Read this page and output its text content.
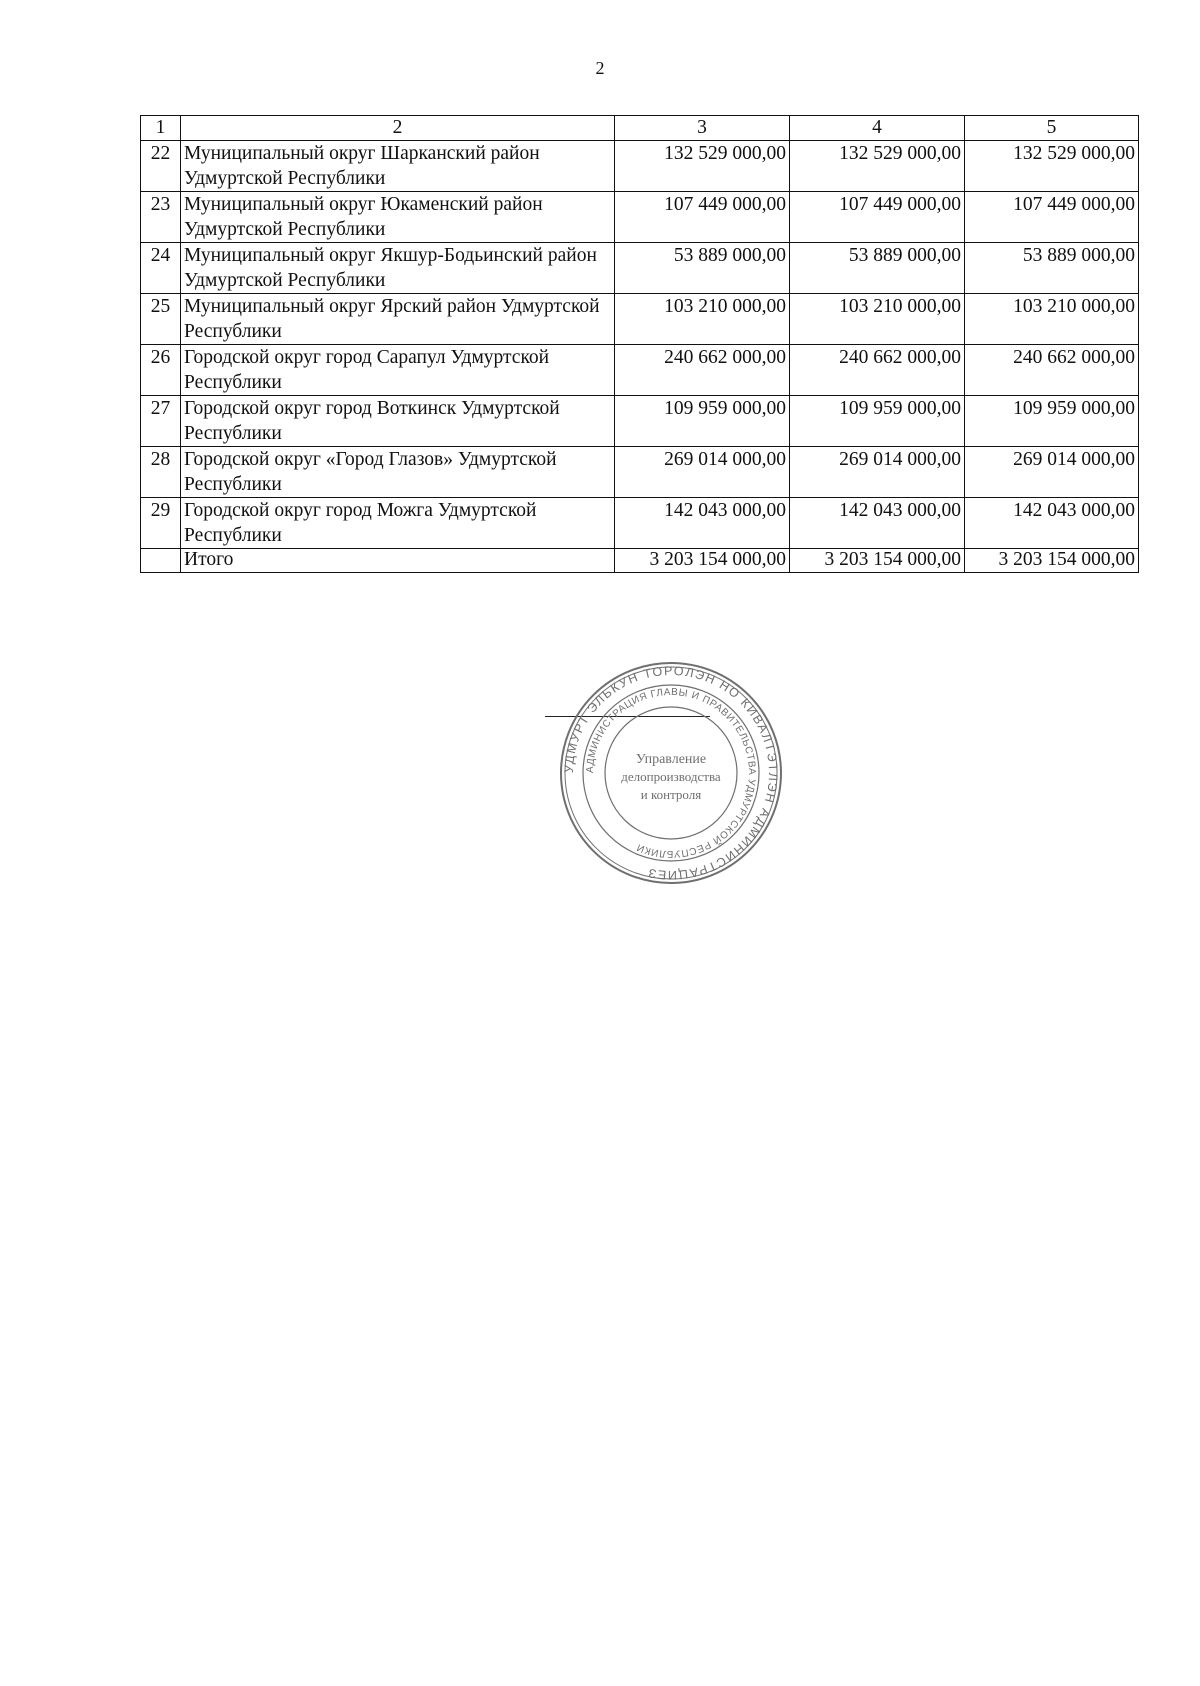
2
1	2	3	4	5
22	Муниципальный округ Шарканский район Удмуртской Республики	132 529 000,00	132 529 000,00	132 529 000,00
23	Муниципальный округ Юкаменский район Удмуртской Республики	107 449 000,00	107 449 000,00	107 449 000,00
24	Муниципальный округ Якшур-Бодьинский район Удмуртской Республики	53 889 000,00	53 889 000,00	53 889 000,00
25	Муниципальный округ Ярский район Удмуртской Республики	103 210 000,00	103 210 000,00	103 210 000,00
26	Городской округ город Сарапул Удмуртской Республики	240 662 000,00	240 662 000,00	240 662 000,00
27	Городской округ город Воткинск Удмуртской Республики	109 959 000,00	109 959 000,00	109 959 000,00
28	Городской округ «Город Глазов» Удмуртской Республики	269 014 000,00	269 014 000,00	269 014 000,00
29	Городской округ город Можга Удмуртской Республики	142 043 000,00	142 043 000,00	142 043 000,00
	Итого	3 203 154 000,00	3 203 154 000,00	3 203 154 000,00
УДМУРТ ЭЛЬКУН ТОРОЛЭН НО КИВАЛТЭТЛЭН АДМИНИСТРАЦИЕЗ
АДМИНИСТРАЦИЯ ГЛАВЫ И ПРАВИТЕЛЬСТВА УДМУРТСКОЙ РЕСПУБЛИКИ
Управление
делопроизводства
и контроля
